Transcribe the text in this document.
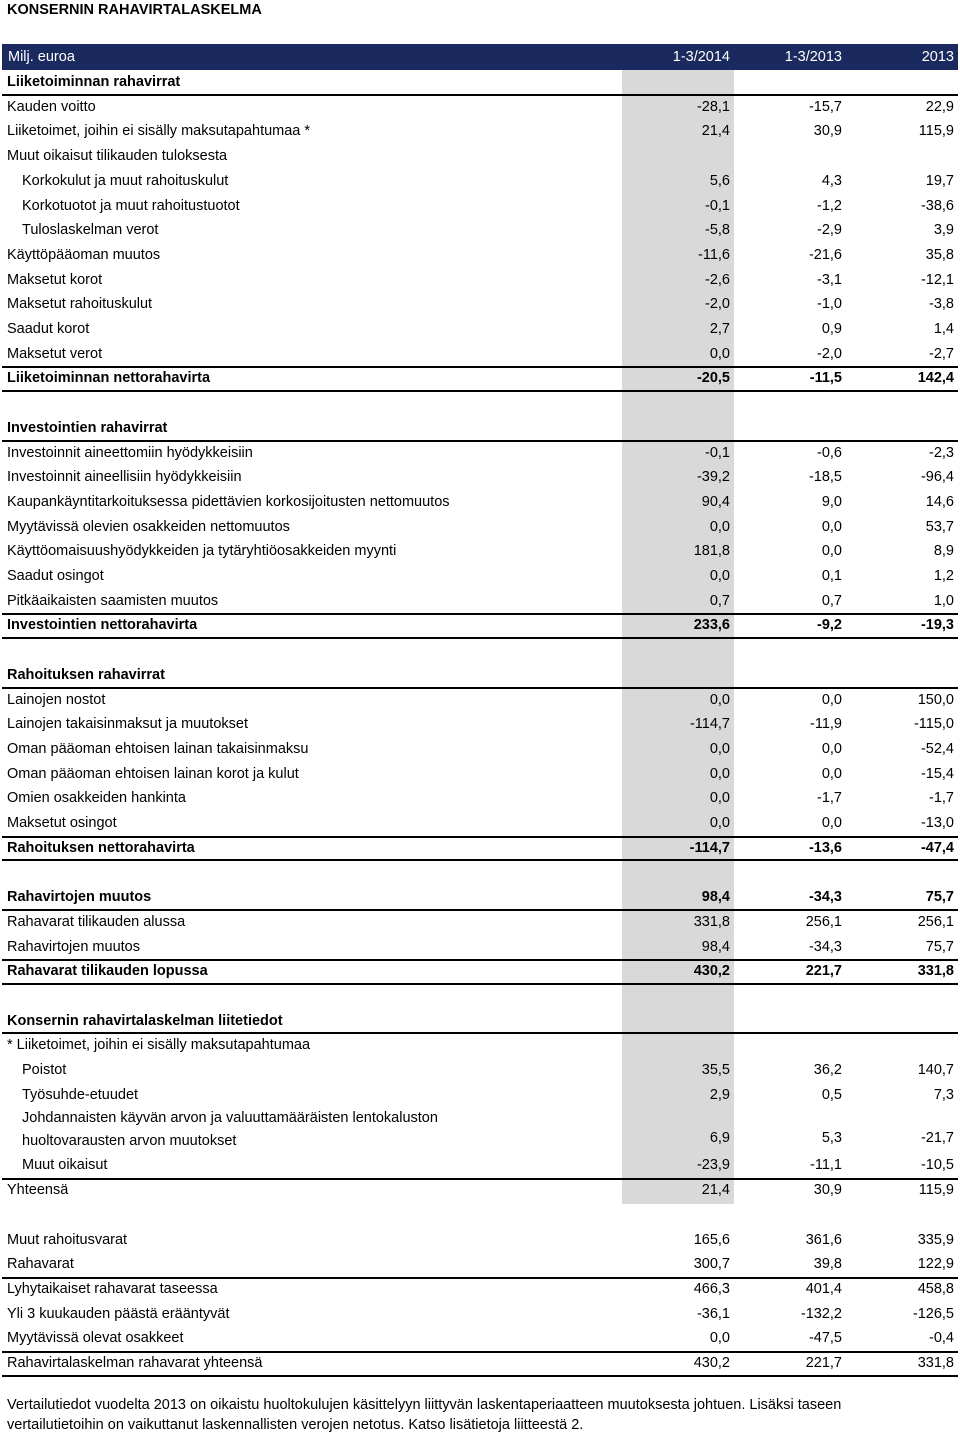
KONSERNIN RAHAVIRTALASKELMA
Milj. euroa	1-3/2014	1-3/2013	2013
Liiketoiminnan rahavirrat
Kauden voitto	-28,1	-15,7	22,9
Liiketoimet, joihin ei sisälly maksutapahtumaa *	21,4	30,9	115,9
Muut oikaisut tilikauden tuloksesta
Korkokulut ja muut rahoituskulut	5,6	4,3	19,7
Korkotuotot ja muut rahoitustuotot	-0,1	-1,2	-38,6
Tuloslaskelman verot	-5,8	-2,9	3,9
Käyttöpääoman muutos	-11,6	-21,6	35,8
Maksetut korot	-2,6	-3,1	-12,1
Maksetut rahoituskulut	-2,0	-1,0	-3,8
Saadut korot	2,7	0,9	1,4
Maksetut verot	0,0	-2,0	-2,7
Liiketoiminnan nettorahavirta	-20,5	-11,5	142,4
Investointien rahavirrat
Investoinnit aineettomiin hyödykkeisiin	-0,1	-0,6	-2,3
Investoinnit aineellisiin hyödykkeisiin	-39,2	-18,5	-96,4
Kaupankäyntitarkoituksessa pidettävien korkosijoitusten nettomuutos	90,4	9,0	14,6
Myytävissä olevien osakkeiden nettomuutos	0,0	0,0	53,7
Käyttöomaisuushyödykkeiden ja tytäryhtiöosakkeiden myynti	181,8	0,0	8,9
Saadut osingot	0,0	0,1	1,2
Pitkäaikaisten saamisten muutos	0,7	0,7	1,0
Investointien nettorahavirta	233,6	-9,2	-19,3
Rahoituksen rahavirrat
Lainojen nostot	0,0	0,0	150,0
Lainojen takaisinmaksut ja muutokset	-114,7	-11,9	-115,0
Oman pääoman ehtoisen lainan takaisinmaksu	0,0	0,0	-52,4
Oman pääoman ehtoisen lainan korot ja kulut	0,0	0,0	-15,4
Omien osakkeiden hankinta	0,0	-1,7	-1,7
Maksetut osingot	0,0	0,0	-13,0
Rahoituksen nettorahavirta	-114,7	-13,6	-47,4
Rahavirtojen muutos	98,4	-34,3	75,7
Rahavarat tilikauden alussa	331,8	256,1	256,1
Rahavirtojen muutos	98,4	-34,3	75,7
Rahavarat tilikauden lopussa	430,2	221,7	331,8
Konsernin rahavirtalaskelman liitetiedot
* Liiketoimet, joihin ei sisälly maksutapahtumaa
Poistot	35,5	36,2	140,7
Työsuhde-etuudet	2,9	0,5	7,3
Johdannaisten käyvän arvon ja valuuttamääräisten lentokaluston
huoltovarausten arvon muutokset	6,9	5,3	-21,7
Muut oikaisut	-23,9	-11,1	-10,5
Yhteensä	21,4	30,9	115,9
Muut rahoitusvarat	165,6	361,6	335,9
Rahavarat	300,7	39,8	122,9
Lyhytaikaiset rahavarat taseessa	466,3	401,4	458,8
Yli 3 kuukauden päästä erääntyvät	-36,1	-132,2	-126,5
Myytävissä olevat osakkeet	0,0	-47,5	-0,4
Rahavirtalaskelman rahavarat yhteensä	430,2	221,7	331,8
Vertailutiedot vuodelta 2013 on oikaistu huoltokulujen käsittelyyn liittyvän laskentaperiaatteen muutoksesta johtuen. Lisäksi taseen
vertailutietoihin on vaikuttanut laskennallisten verojen netotus. Katso lisätietoja liitteestä 2.
